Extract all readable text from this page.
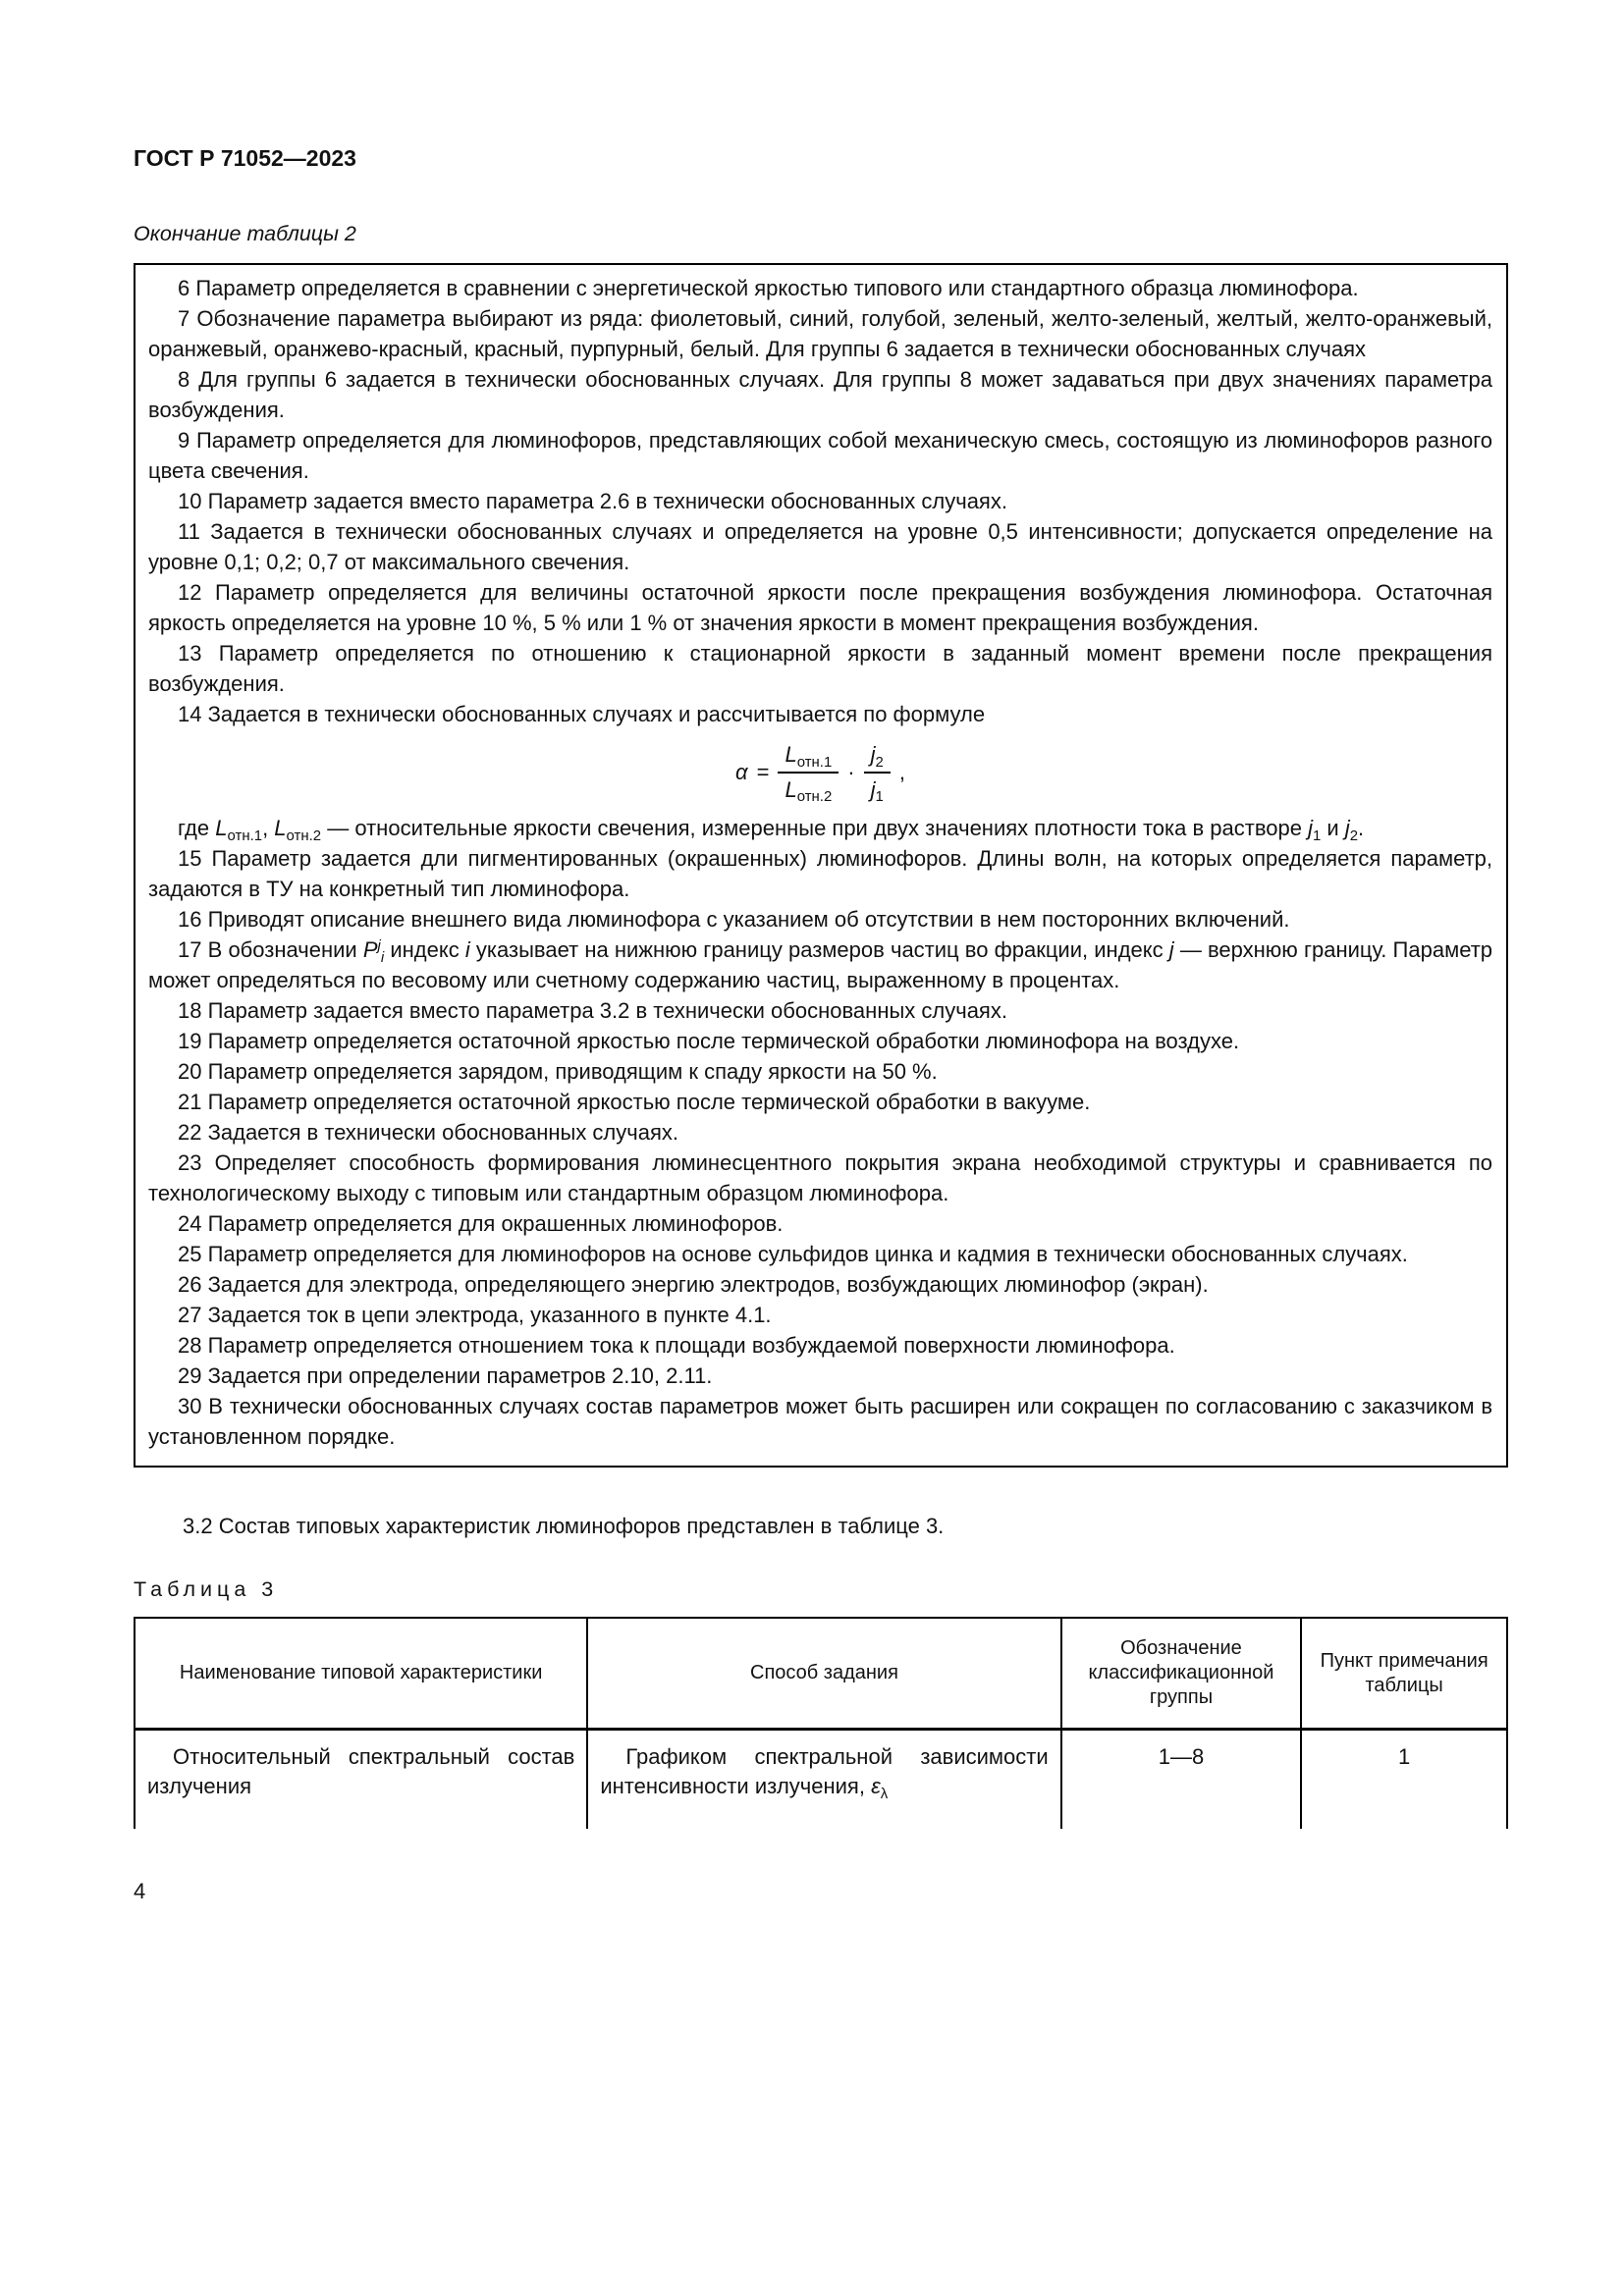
ГОСТ Р 71052—2023
Окончание таблицы 2

6 Параметр определяется в сравнении с энергетической яркостью типового или стандартного образца люминофора.

7 Обозначение параметра выбирают из ряда: фиолетовый, синий, голубой, зеленый, желто-зеленый, желтый, желто-оранжевый, оранжевый, оранжево-красный, красный, пурпурный, белый. Для группы 6 задается в технически обоснованных случаях

8 Для группы 6 задается в технически обоснованных случаях. Для группы 8 может задаваться при двух значениях параметра возбуждения.

9 Параметр определяется для люминофоров, представляющих собой механическую смесь, состоящую из люминофоров разного цвета свечения.

10 Параметр задается вместо параметра 2.6 в технически обоснованных случаях.

11 Задается в технически обоснованных случаях и определяется на уровне 0,5 интенсивности; допускается определение на уровне 0,1; 0,2; 0,7 от максимального свечения.

12 Параметр определяется для величины остаточной яркости после прекращения возбуждения люминофора. Остаточная яркость определяется на уровне 10 %, 5 % или 1 % от значения яркости в момент прекращения возбуждения.

13 Параметр определяется по отношению к стационарной яркости в заданный момент времени после прекращения возбуждения.

14 Задается в технически обоснованных случаях и рассчитывается по формуле

$\alpha = \frac{L_{отн.1}}{L_{отн.2}} \cdot \frac{j_2}{j_1}$ ,

где $L_{отн.1}$, $L_{отн.2}$ — относительные яркости свечения, измеренные при двух значениях плотности тока в растворе $j_1$ и $j_2$.

15 Параметр задается дли пигментированных (окрашенных) люминофоров. Длины волн, на которых определяется параметр, задаются в ТУ на конкретный тип люминофора.

16 Приводят описание внешнего вида люминофора с указанием об отсутствии в нем посторонних включений.

17 В обозначении $P^j_i$ индекс i указывает на нижнюю границу размеров частиц во фракции, индекс j — верхнюю границу. Параметр может определяться по весовому или счетному содержанию частиц, выраженному в процентах.

18 Параметр задается вместо параметра 3.2 в технически обоснованных случаях.

19 Параметр определяется остаточной яркостью после термической обработки люминофора на воздухе.

20 Параметр определяется зарядом, приводящим к спаду яркости на 50 %.

21 Параметр определяется остаточной яркостью после термической обработки в вакууме.

22 Задается в технически обоснованных случаях.

23 Определяет способность формирования люминесцентного покрытия экрана необходимой структуры и сравнивается по технологическому выходу с типовым или стандартным образцом люминофора.

24 Параметр определяется для окрашенных люминофоров.

25 Параметр определяется для люминофоров на основе сульфидов цинка и кадмия в технически обоснованных случаях.

26 Задается для электрода, определяющего энергию электродов, возбуждающих люминофор (экран).

27 Задается ток в цепи электрода, указанного в пункте 4.1.

28 Параметр определяется отношением тока к площади возбуждаемой поверхности люминофора.

29 Задается при определении параметров 2.10, 2.11.

30 В технически обоснованных случаях состав параметров может быть расширен или сокращен по согласованию с заказчиком в установленном порядке.

3.2 Состав типовых характеристик люминофоров представлен в таблице 3.

Таблица 3
Наименование типовой характеристики	Способ задания	Обозначение классификационной группы	Пункт примечания таблицы

Относительный спектральный состав излучения	Графиком спектральной зависимости интенсивности излучения, $\varepsilon_\lambda$	1—8	1
4
